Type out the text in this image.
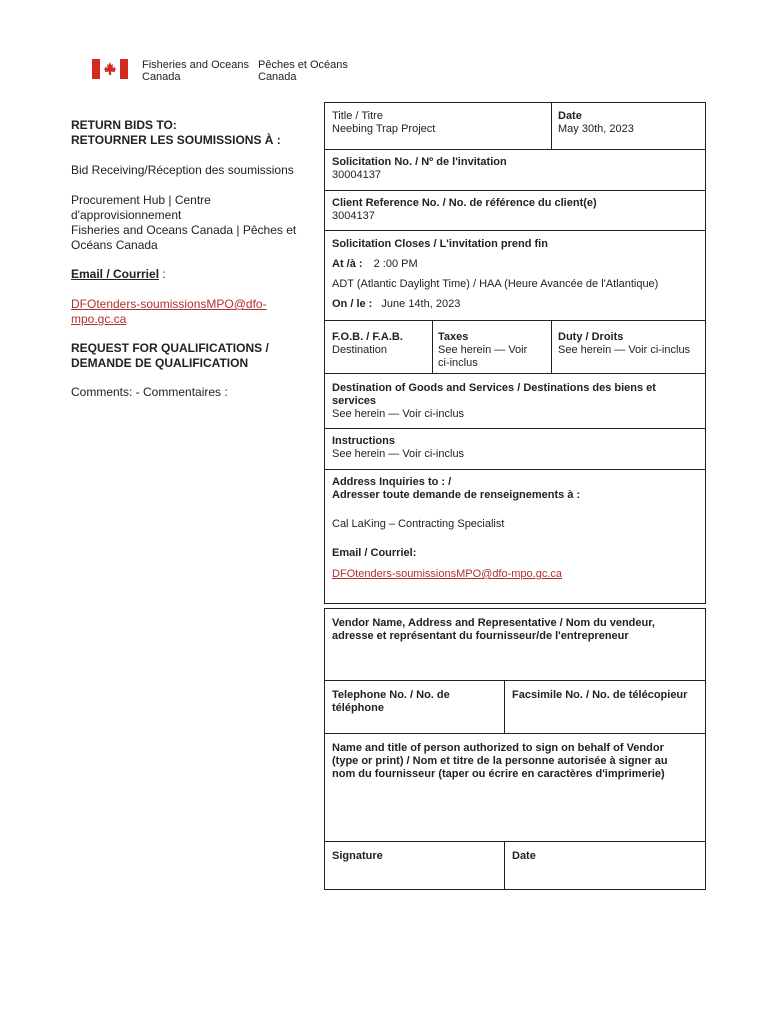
Fisheries and Oceans
Canada
Pêches et Océans
Canada
RETURN BIDS TO:
RETOURNER LES SOUMISSIONS À :
Bid Receiving/Réception des soumissions
Procurement Hub | Centre
d'approvisionnement
Fisheries and Oceans Canada | Pêches et
Océans Canada
Email / Courriel :
DFOtenders-soumissionsMPO@dfo-
mpo.gc.ca
REQUEST FOR QUALIFICATIONS /
DEMANDE DE QUALIFICATION
Comments: - Commentaires :
Title / Titre
Neebing Trap Project
Date
May 30th, 2023
Solicitation No. / Nº de l'invitation
30004137
Client Reference No. / No. de référence du client(e)
3004137
Solicitation Closes / L'invitation prend fin
At /à : 2 :00 PM
ADT (Atlantic Daylight Time) / HAA (Heure Avancée de l'Atlantique)
On / le : June 14th, 2023
F.O.B. / F.A.B.
Destination
Taxes
See herein — Voir
ci-inclus
Duty / Droits
See herein — Voir ci-inclus
Destination of Goods and Services / Destinations des biens et
services
See herein — Voir ci-inclus
Instructions
See herein — Voir ci-inclus
Address Inquiries to : /
Adresser toute demande de renseignements à :
Cal LaKing – Contracting Specialist
Email / Courriel:
DFOtenders-soumissionsMPO@dfo-mpo.gc.ca
Vendor Name, Address and Representative / Nom du vendeur,
adresse et représentant du fournisseur/de l'entrepreneur
Telephone No. / No. de
téléphone
Facsimile No. / No. de télécopieur
Name and title of person authorized to sign on behalf of Vendor
(type or print) / Nom et titre de la personne autorisée à signer au
nom du fournisseur (taper ou écrire en caractères d'imprimerie)
Signature	Date
